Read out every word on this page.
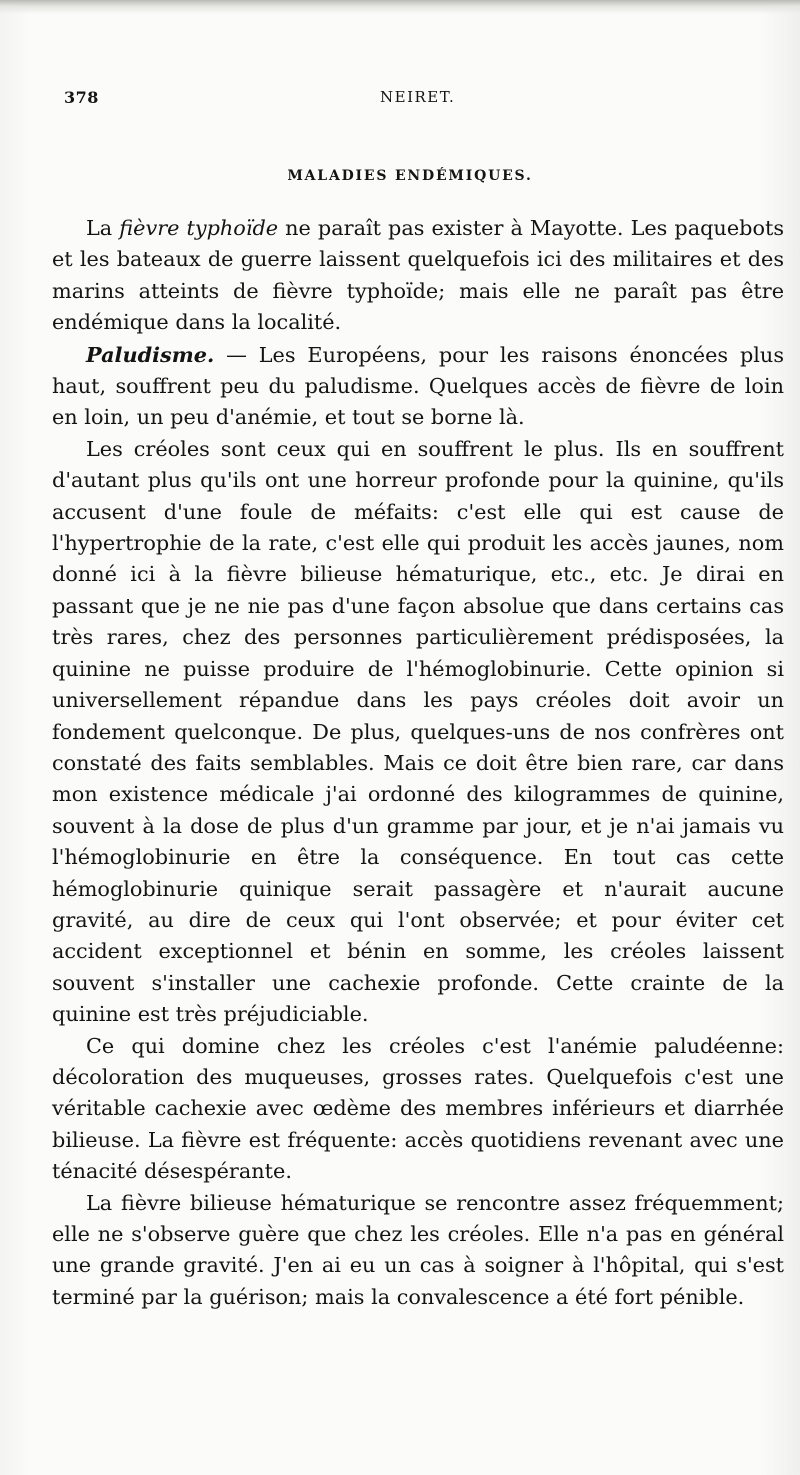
378	NEIRET.
MALADIES ENDÉMIQUES.

La fièvre typhoïde ne paraît pas exister à Mayotte. Les paquebots et les bateaux de guerre laissent quelquefois ici des militaires et des marins atteints de fièvre typhoïde; mais elle ne paraît pas être endémique dans la localité.

Paludisme. — Les Européens, pour les raisons énoncées plus haut, souffrent peu du paludisme. Quelques accès de fièvre de loin en loin, un peu d'anémie, et tout se borne là.

Les créoles sont ceux qui en souffrent le plus. Ils en souffrent d'autant plus qu'ils ont une horreur profonde pour la quinine, qu'ils accusent d'une foule de méfaits: c'est elle qui est cause de l'hypertrophie de la rate, c'est elle qui produit les accès jaunes, nom donné ici à la fièvre bilieuse hématurique, etc., etc. Je dirai en passant que je ne nie pas d'une façon absolue que dans certains cas très rares, chez des personnes particulièrement prédisposées, la quinine ne puisse produire de l'hémoglobinurie. Cette opinion si universellement répandue dans les pays créoles doit avoir un fondement quelconque. De plus, quelques-uns de nos confrères ont constaté des faits semblables. Mais ce doit être bien rare, car dans mon existence médicale j'ai ordonné des kilogrammes de quinine, souvent à la dose de plus d'un gramme par jour, et je n'ai jamais vu l'hémoglobinurie en être la conséquence. En tout cas cette hémoglobinurie quinique serait passagère et n'aurait aucune gravité, au dire de ceux qui l'ont observée; et pour éviter cet accident exceptionnel et bénin en somme, les créoles laissent souvent s'installer une cachexie profonde. Cette crainte de la quinine est très préjudiciable.

Ce qui domine chez les créoles c'est l'anémie paludéenne: décoloration des muqueuses, grosses rates. Quelquefois c'est une véritable cachexie avec œdème des membres inférieurs et diarrhée bilieuse. La fièvre est fréquente: accès quotidiens revenant avec une ténacité désespérante.

La fièvre bilieuse hématurique se rencontre assez fréquemment; elle ne s'observe guère que chez les créoles. Elle n'a pas en général une grande gravité. J'en ai eu un cas à soigner à l'hôpital, qui s'est terminé par la guérison; mais la convalescence a été fort pénible.
